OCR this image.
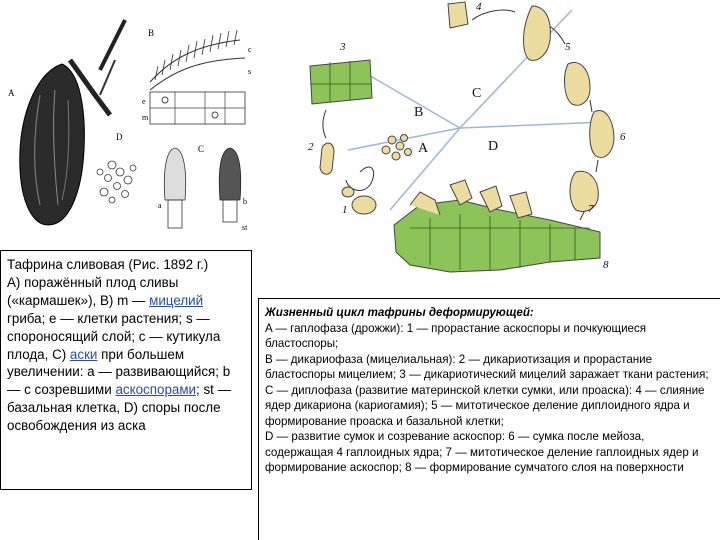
A
B
c
s
e
m
D
C
a	b
st
C
B
A	D
4
5
6
7
8
3
2
1
Тафрина сливовая (Рис. 1892 г.)
A) поражённый плод сливы («кармашек»), B) m — мицелий гриба; e — клетки растения; s — спороносящий слой; c — кутикула плода, C) аски при большем увеличении: a — развивающийся; b — с созревшими аскоспорами; st — базальная клетка, D) споры после освобождения из аска
Жизненный цикл тафрины деформирующей:
A — гаплофаза (дрожжи): 1 — прорастание аскоспоры и почкующиеся бластоспоры;
B — дикариофаза (мицелиальная): 2 — дикариотизация и прорастание бластоспоры мицелием; 3 — дикариотический мицелий заражает ткани растения;
C — диплофаза (развитие материнской клетки сумки, или проаска): 4 — слияние ядер дикариона (кариогамия); 5 — митотическое деление диплоидного ядра и формирование проаска и базальной клетки;
D — развитие сумок и созревание аскоспор: 6 — сумка после мейоза, содержащая 4 гаплоидных ядра; 7 — митотическое деление гаплоидных ядер и формирование аскоспор; 8 — формирование сумчатого слоя на поверхности
